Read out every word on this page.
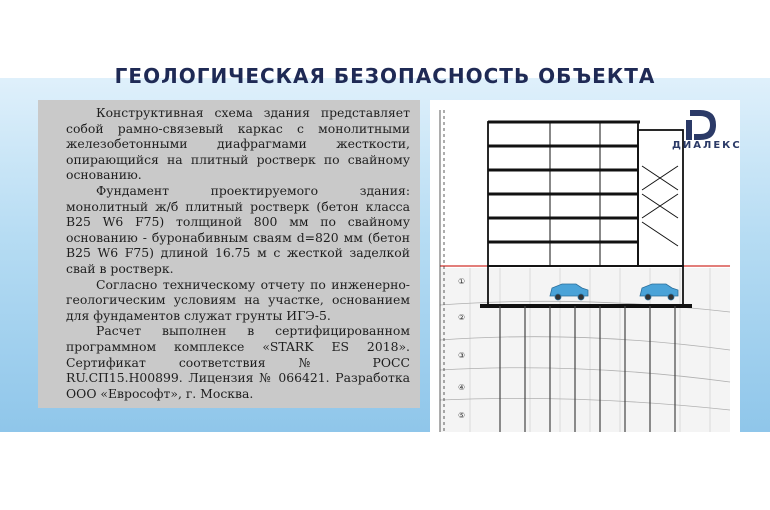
ГЕОЛОГИЧЕСКАЯ БЕЗОПАСНОСТЬ ОБЪЕКТА

Конструктивная схема здания представляет собой рамно-связевый каркас с монолитными железобетонными диафрагмами жесткости, опирающийся на плитный ростверк по свайному основанию.

Фундамент проектируемого здания: монолитный ж/б плитный ростверк (бетон класса В25 W6 F75) толщиной 800 мм по свайному основанию - буронабивным сваям d=820 мм (бетон В25 W6 F75) длиной 16.75 м с жесткой заделкой свай в ростверк.

Согласно техническому отчету по инженерно-геологическим условиям на участке, основанием для фундаментов служат грунты ИГЭ-5.

Расчет выполнен в сертифицированном программном комплексе «STARK ES 2018». Сертификат соответствия № РОСС RU.СП15.Н00899. Лицензия № 066421. Разработка ООО «Еврософт», г. Москва.

①
②
③
④
⑤
ДИАЛЕКС
